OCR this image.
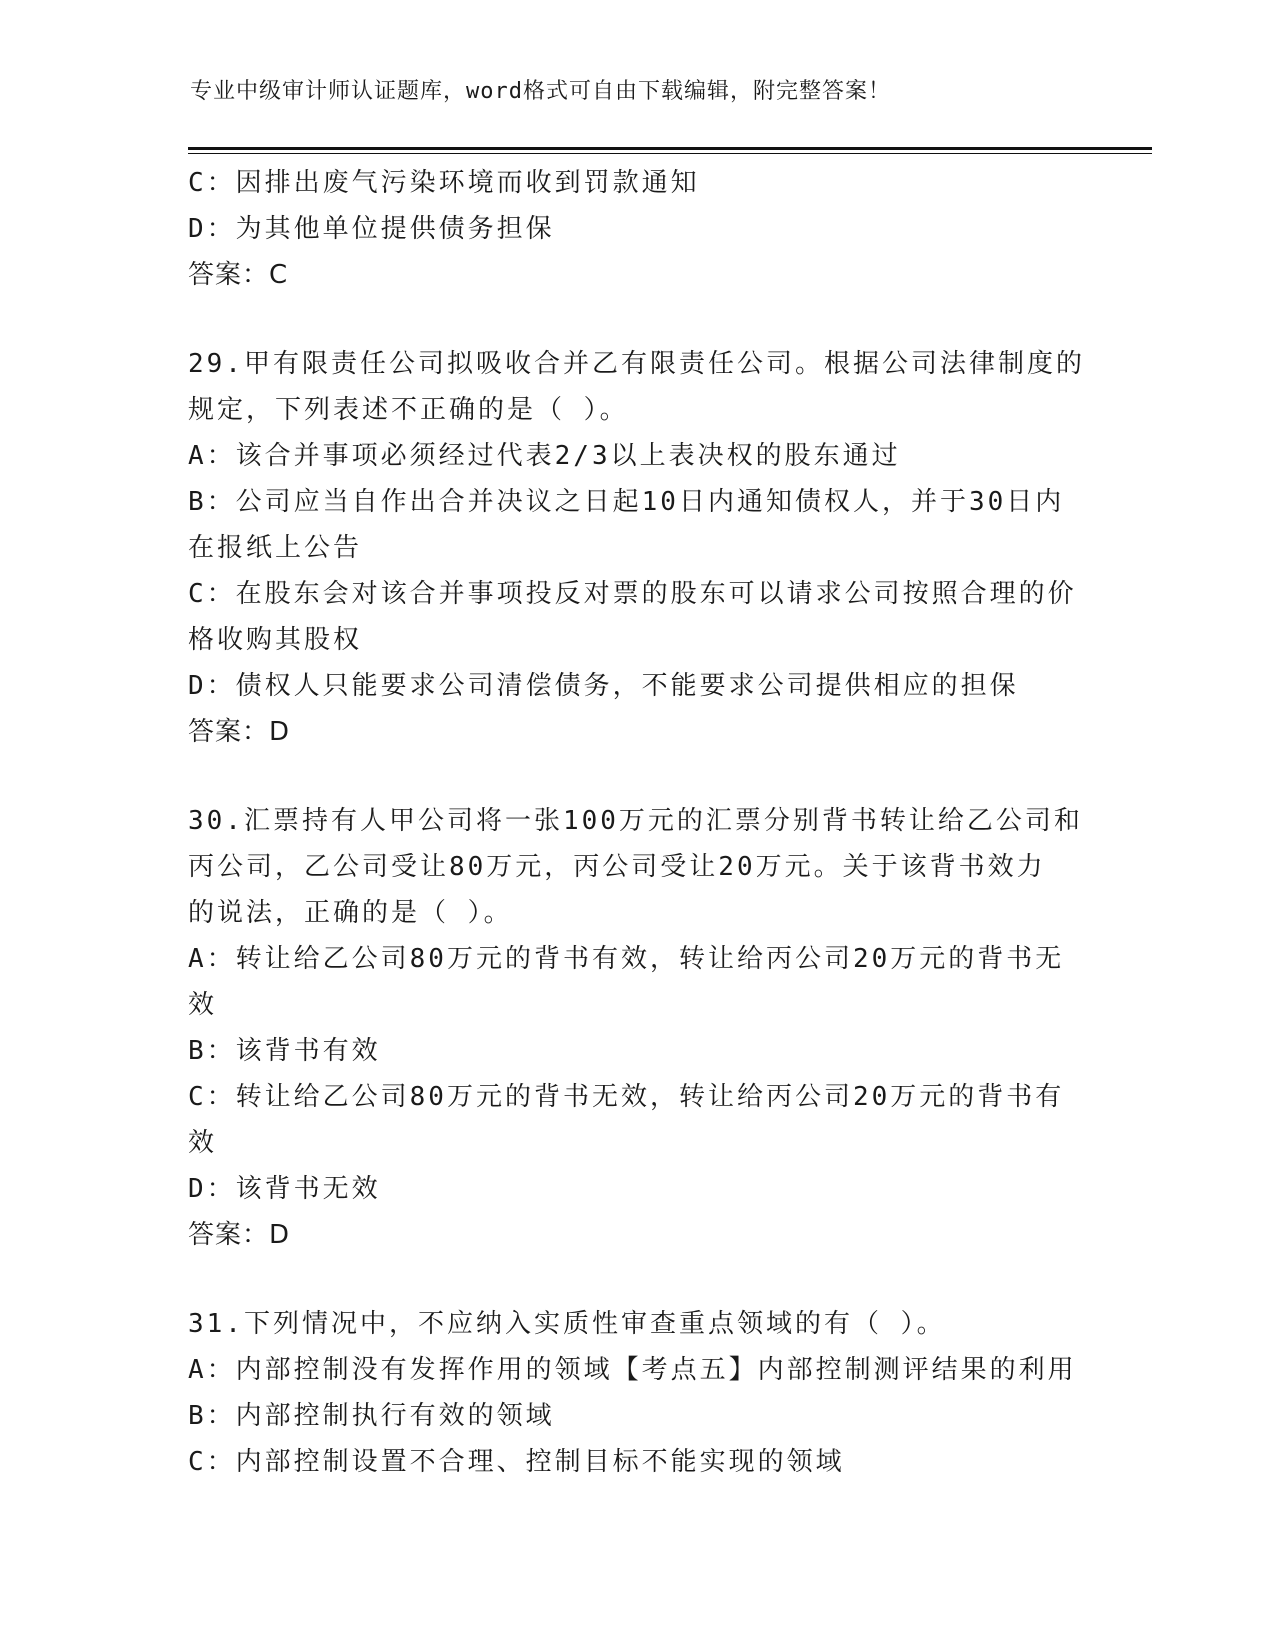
专业中级审计师认证题库，word格式可自由下载编辑，附完整答案！
C：因排出废气污染环境而收到罚款通知
D：为其他单位提供债务担保
答案：C
29.甲有限责任公司拟吸收合并乙有限责任公司。根据公司法律制度的
规定，下列表述不正确的是（ ）。
A：该合并事项必须经过代表2/3以上表决权的股东通过
B：公司应当自作出合并决议之日起10日内通知债权人，并于30日内
在报纸上公告
C：在股东会对该合并事项投反对票的股东可以请求公司按照合理的价
格收购其股权
D：债权人只能要求公司清偿债务，不能要求公司提供相应的担保
答案：D
30.汇票持有人甲公司将一张100万元的汇票分别背书转让给乙公司和
丙公司，乙公司受让80万元，丙公司受让20万元。关于该背书效力
的说法，正确的是（ ）。
A：转让给乙公司80万元的背书有效，转让给丙公司20万元的背书无
效
B：该背书有效
C：转让给乙公司80万元的背书无效，转让给丙公司20万元的背书有
效
D：该背书无效
答案：D
31.下列情况中，不应纳入实质性审查重点领域的有（ ）。
A：内部控制没有发挥作用的领域【考点五】内部控制测评结果的利用
B：内部控制执行有效的领域
C：内部控制设置不合理、控制目标不能实现的领域
